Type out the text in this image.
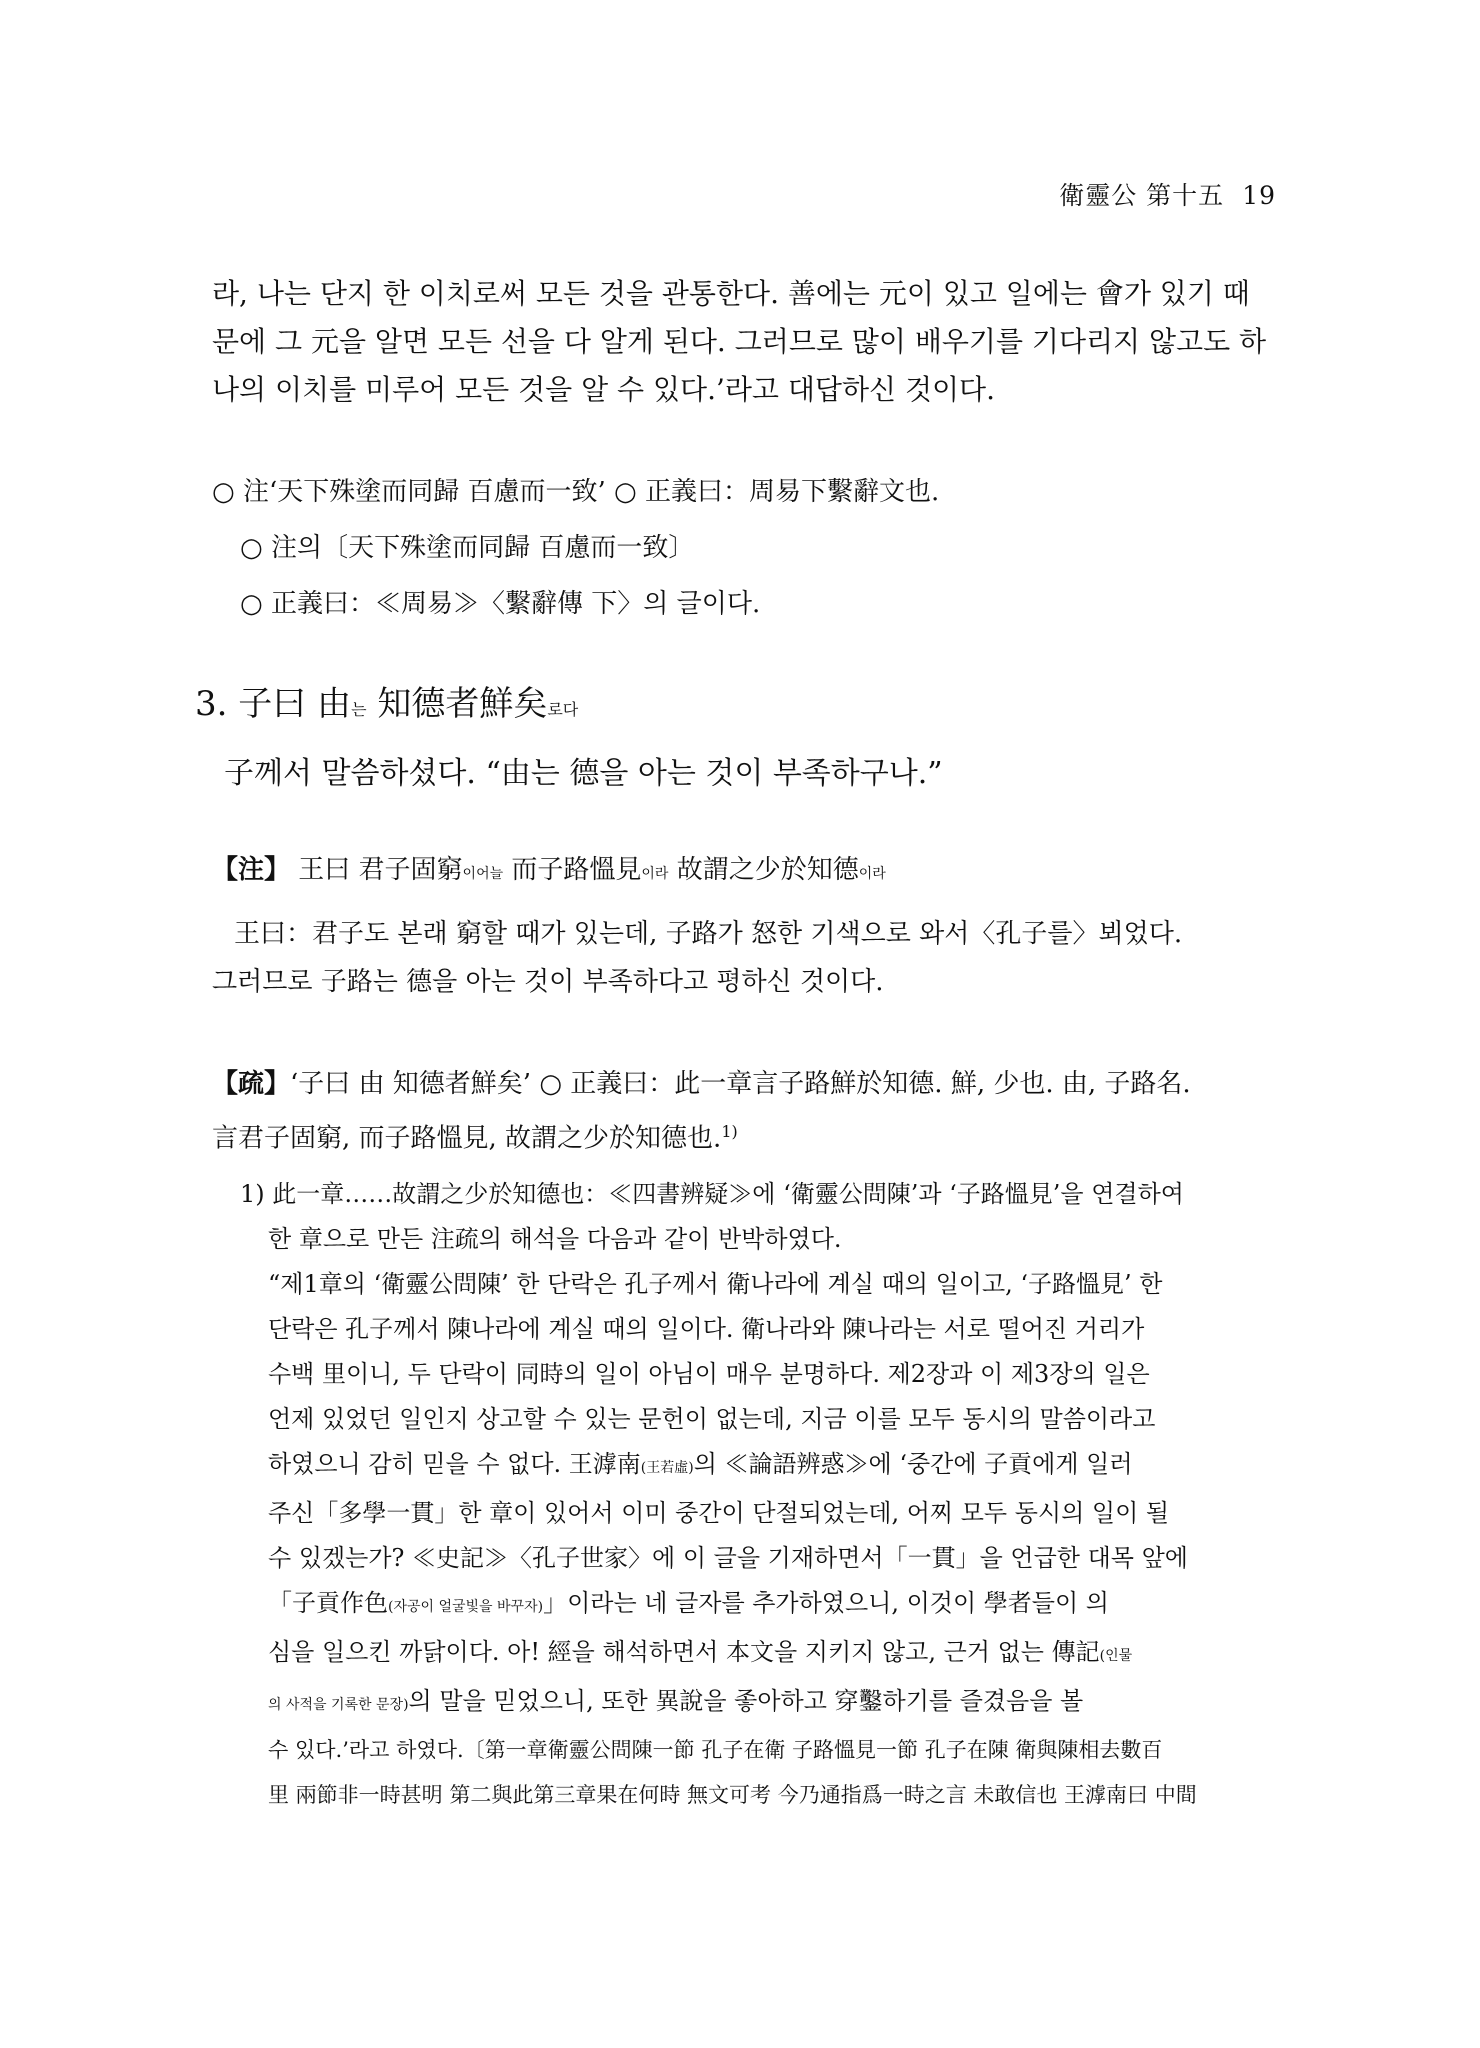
衛靈公 第十五 19

라, 나는 단지 한 이치로써 모든 것을 관통한다. 善에는 元이 있고 일에는 會가 있기 때
문에 그 元을 알면 모든 선을 다 알게 된다. 그러므로 많이 배우기를 기다리지 않고도 하
나의 이치를 미루어 모든 것을 알 수 있다.’라고 대답하신 것이다.

○ 注‘天下殊塗而同歸 百慮而一致’ ○ 正義曰：周易下繫辭文也.

○ 注의〔天下殊塗而同歸 百慮而一致〕

○ 正義曰：≪周易≫〈繫辭傳 下〉의 글이다.

3. 子曰 由는 知德者鮮矣로다

子께서 말씀하셨다. “由는 德을 아는 것이 부족하구나.”

【注】 王曰 君子固窮이어늘 而子路慍見이라 故謂之少於知德이라

王曰：君子도 본래 窮할 때가 있는데, 子路가 怒한 기색으로 와서〈孔子를〉뵈었다.
그러므로 子路는 德을 아는 것이 부족하다고 평하신 것이다.

【疏】‘子曰 由 知德者鮮矣’ ○ 正義曰：此一章言子路鮮於知德. 鮮, 少也. 由, 子路名.
言君子固窮, 而子路慍見, 故謂之少於知德也.$^{1)}$

1) 此一章……故謂之少於知德也：≪四書辨疑≫에 ‘衛靈公問陳’과 ‘子路慍見’을 연결하여
한 章으로 만든 注疏의 해석을 다음과 같이 반박하였다.
“제1章의 ‘衛靈公問陳’ 한 단락은 孔子께서 衛나라에 계실 때의 일이고, ‘子路慍見’ 한
단락은 孔子께서 陳나라에 계실 때의 일이다. 衛나라와 陳나라는 서로 떨어진 거리가
수백 里이니, 두 단락이 同時의 일이 아님이 매우 분명하다. 제2장과 이 제3장의 일은
언제 있었던 일인지 상고할 수 있는 문헌이 없는데, 지금 이를 모두 동시의 말씀이라고
하였으니 감히 믿을 수 없다. 王滹南(王若虛)의 ≪論語辨惑≫에 ‘중간에 子貢에게 일러
주신「多學一貫」한 章이 있어서 이미 중간이 단절되었는데, 어찌 모두 동시의 일이 될
수 있겠는가? ≪史記≫〈孔子世家〉에 이 글을 기재하면서「一貫」을 언급한 대목 앞에
「子貢作色(자공이 얼굴빛을 바꾸자)」이라는 네 글자를 추가하였으니, 이것이 學者들이 의
심을 일으킨 까닭이다. 아! 經을 해석하면서 本文을 지키지 않고, 근거 없는 傳記(인물
의 사적을 기록한 문장)의 말을 믿었으니, 또한 異說을 좋아하고 穿鑿하기를 즐겼음을 볼
수 있다.’라고 하였다.〔第一章衛靈公問陳一節 孔子在衛 子路慍見一節 孔子在陳 衛與陳相去數百
里 兩節非一時甚明 第二與此第三章果在何時 無文可考 今乃通指爲一時之言 未敢信也 王滹南曰 中間
